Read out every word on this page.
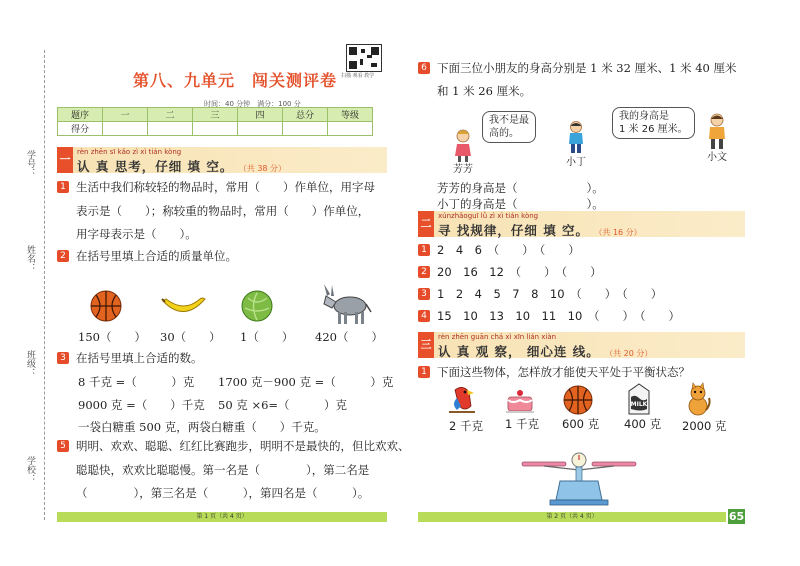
学号：
姓名：
班级：
学校：
扫描 观看 教学
第八、九单元　闯关测评卷
时间：40 分钟　满分：100 分
题序	一	二	三	四	总分	等级
得分						
一
rèn zhēn sī kǎo zì xì tián kòng
认 真 思考，仔细 填 空。 （共 38 分）
1 生活中我们称较轻的物品时，常用（　　）作单位，用字母
表示是（　　）；称较重的物品时，常用（　　）作单位，
用字母表示是（　　）。
2 在括号里填上合适的质量单位。
150（　　） 30（　　） 1（　　） 420（　　）
3 在括号里填上合适的数。
8 千克 =（　　　）克 1700 克－900 克 =（　　　）克
9000 克 =（　　）千克 50 克 ×6=（　　　）克
一袋白糖重 500 克，两袋白糖重（　　）千克。
5 明明、欢欢、聪聪、红红比赛跑步，明明不是最快的，但比欢欢、
聪聪快，欢欢比聪聪慢。第一名是（　　　　），第二名是
（　　　　），第三名是（　　　），第四名是（　　　）。
第 1 页（共 4 页）
6 下面三位小朋友的身高分别是 1 米 32 厘米、1 米 40 厘米
和 1 米 26 厘米。
我不是最
高的。
我的身高是
1 米 26 厘米。
芳芳
小丁	小文
芳芳的身高是（　　　　　　）。
小丁的身高是（　　　　　　）。
二
xúnzhǎoguī lǜ zì xì tián kòng
寻 找规律，仔细 填 空。 （共 16 分）
1 2　4　6　（　　）　（　　）
2 20　16　12　（　　）　（　　）
3 1　2　4　5　7　8　10　（　　）　（　　）
4 15　10　13　10　11　10　（　　）　（　　）
三
rèn zhēn guān chá xì xīn lián xiàn
认 真 观 察， 细心连 线。 （共 20 分）
1 下面这些物体，怎样放才能使天平处于平衡状态？
MILK
2 千克 1 千克 600 克 400 克 2000 克
第 2 页（共 4 页）	65
